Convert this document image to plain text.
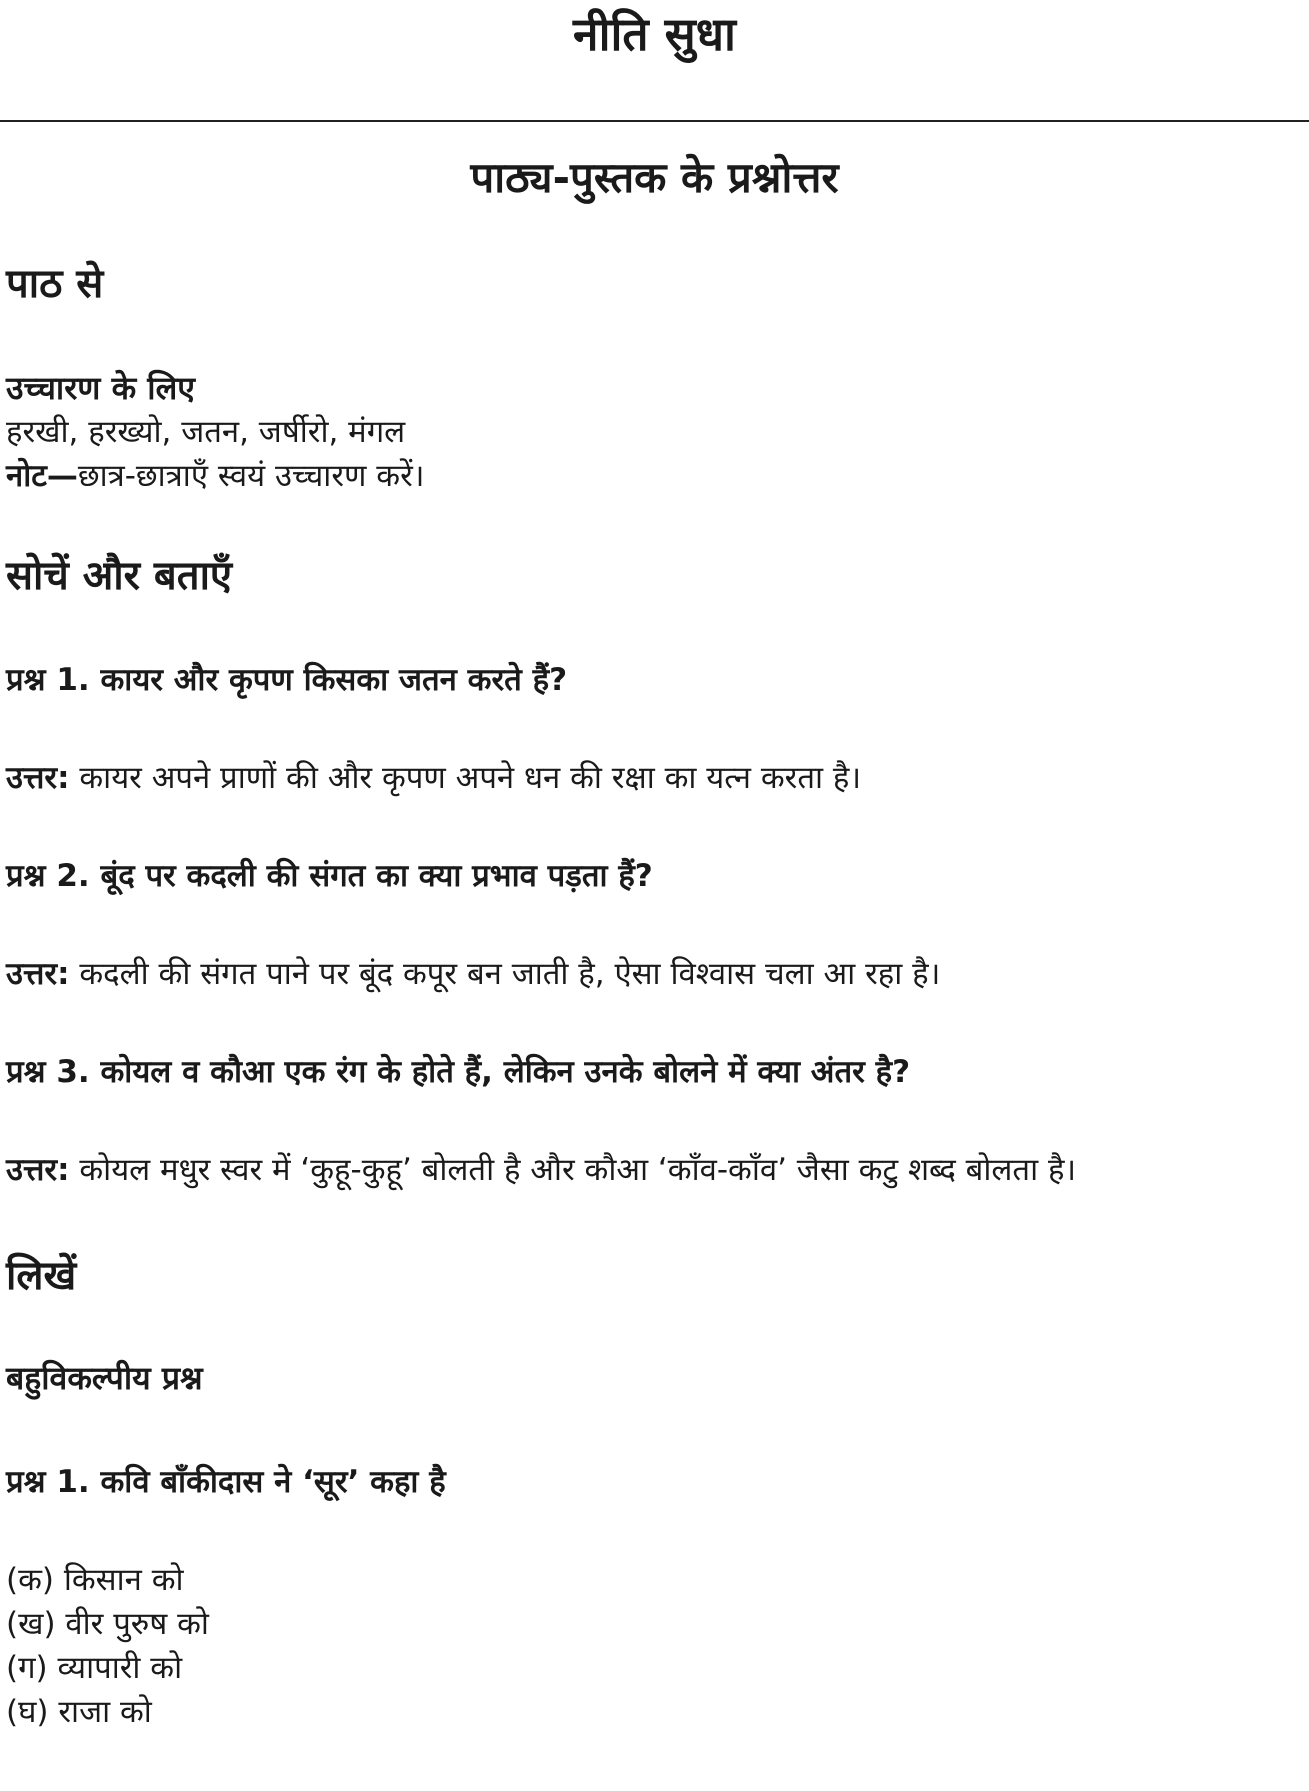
नीति सुधा
पाठ्य-पुस्तक के प्रश्नोत्तर
पाठ से
उच्चारण के लिए
हरखी, हरख्यो, जतन, जर्षीरो, मंगल
नोट—छात्र-छात्राएँ स्वयं उच्चारण करें।
सोचें और बताएँ
प्रश्न 1. कायर और कृपण किसका जतन करते हैं?
उत्तर: कायर अपने प्राणों की और कृपण अपने धन की रक्षा का यत्न करता है।
प्रश्न 2. बूंद पर कदली की संगत का क्या प्रभाव पड़ता हैं?
उत्तर: कदली की संगत पाने पर बूंद कपूर बन जाती है, ऐसा विश्वास चला आ रहा है।
प्रश्न 3. कोयल व कौआ एक रंग के होते हैं, लेकिन उनके बोलने में क्या अंतर है?
उत्तर: कोयल मधुर स्वर में ‘कुहू-कुहू’ बोलती है और कौआ ‘काँव-काँव’ जैसा कटु शब्द बोलता है।
लिखें
बहुविकल्पीय प्रश्न
प्रश्न 1. कवि बाँकीदास ने ‘सूर’ कहा है
(क) किसान को
(ख) वीर पुरुष को
(ग) व्यापारी को
(घ) राजा को
